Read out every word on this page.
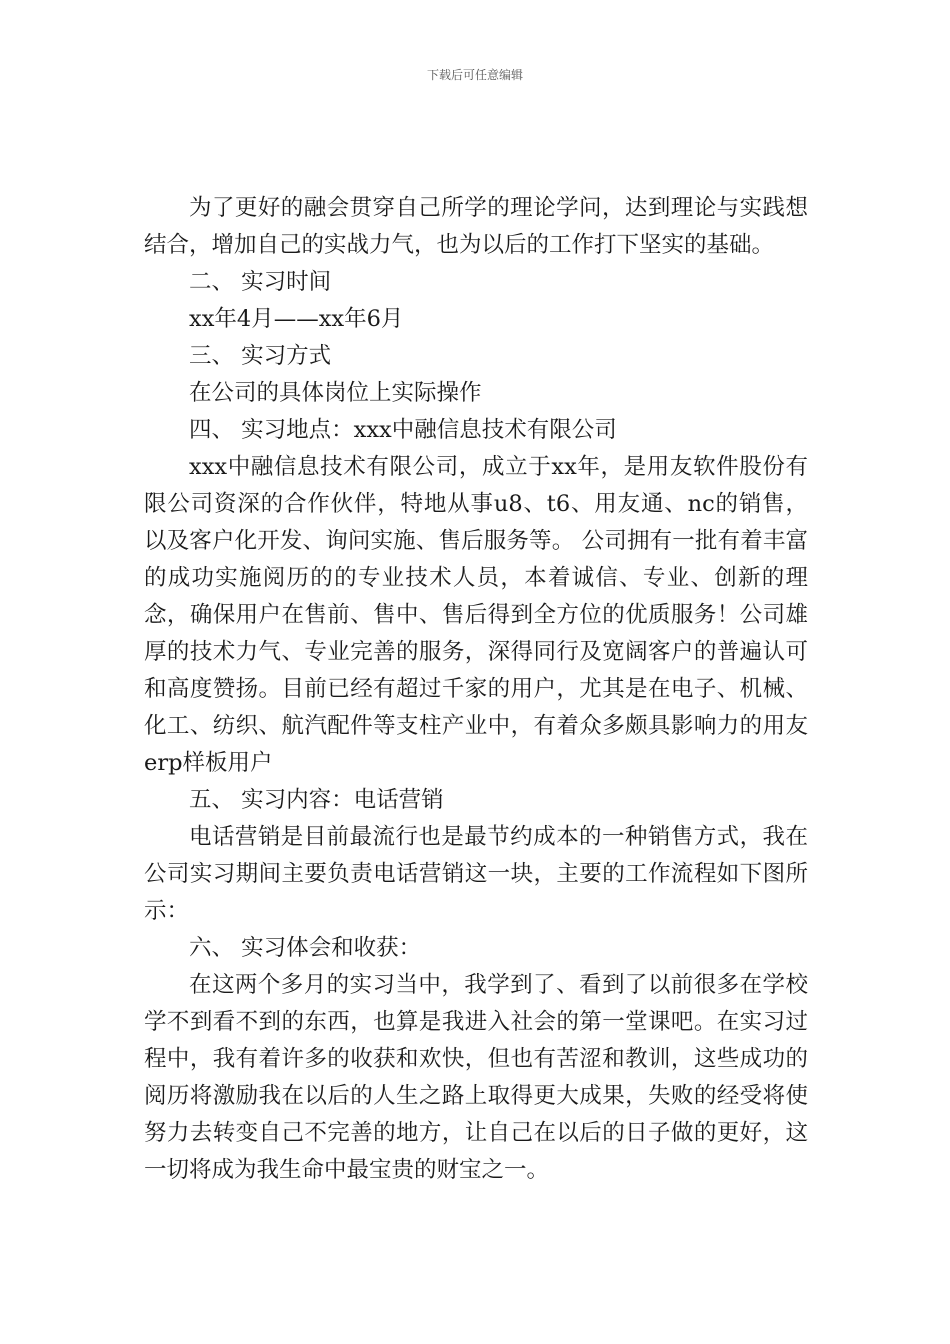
下载后可任意编辑

为了更好的融会贯穿自己所学的理论学问，达到理论与实践想结合，增加自己的实战力气，也为以后的工作打下坚实的基础。

二、 实习时间

xx年4月——xx年6月

三、 实习方式

在公司的具体岗位上实际操作

四、 实习地点：xxx中融信息技术有限公司

xxx中融信息技术有限公司，成立于xx年，是用友软件股份有限公司资深的合作伙伴，特地从事u8、t6、用友通、nc的销售，以及客户化开发、询问实施、售后服务等。 公司拥有一批有着丰富的成功实施阅历的的专业技术人员，本着诚信、专业、创新的理念，确保用户在售前、售中、售后得到全方位的优质服务！公司雄厚的技术力气、专业完善的服务，深得同行及宽阔客户的普遍认可和高度赞扬。目前已经有超过千家的用户，尤其是在电子、机械、化工、纺织、航汽配件等支柱产业中，有着众多颇具影响力的用友erp样板用户

五、 实习内容：电话营销

电话营销是目前最流行也是最节约成本的一种销售方式，我在公司实习期间主要负责电话营销这一块，主要的工作流程如下图所示：

六、 实习体会和收获：

在这两个多月的实习当中，我学到了、看到了以前很多在学校学不到看不到的东西，也算是我进入社会的第一堂课吧。在实习过程中，我有着许多的收获和欢快，但也有苦涩和教训，这些成功的阅历将激励我在以后的人生之路上取得更大成果，失败的经受将使努力去转变自己不完善的地方，让自己在以后的日子做的更好，这一切将成为我生命中最宝贵的财宝之一。
